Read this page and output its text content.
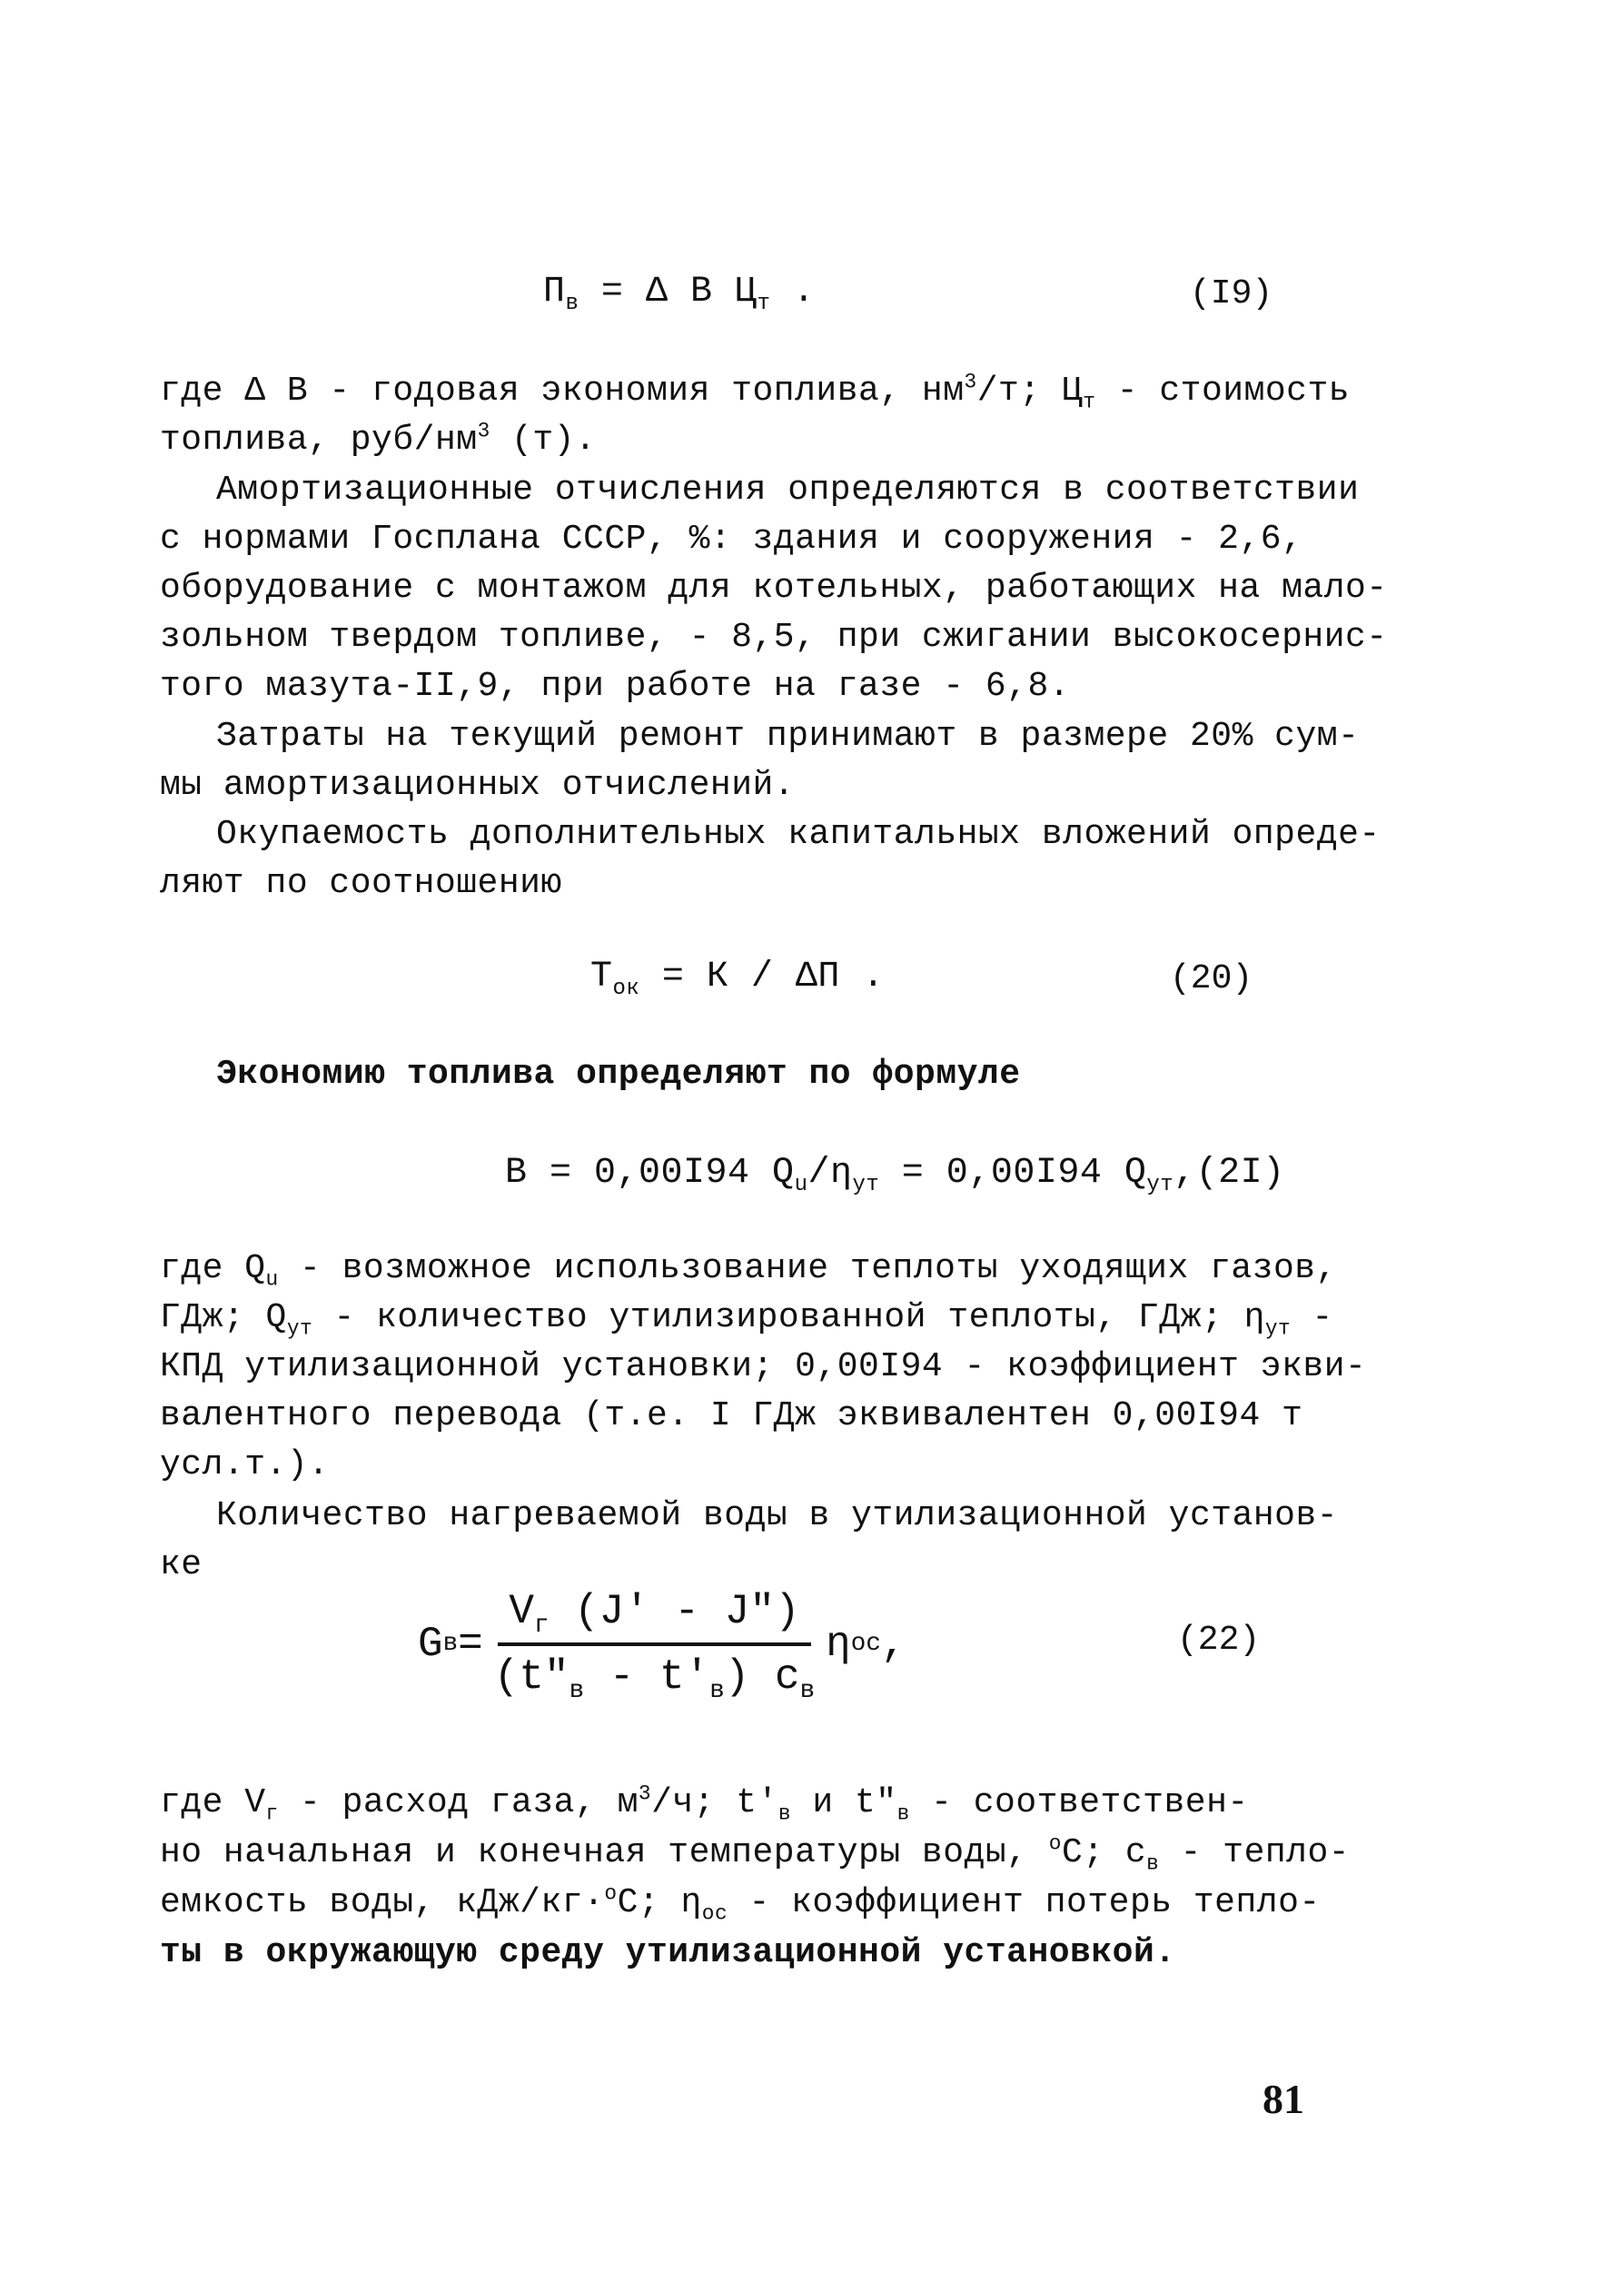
$П_в = \Delta$ В $Ц_т$ .	(I9)
где Δ В - годовая экономия топлива, $нм^3/т$; $Ц_т$ - стоимость
топлива, руб/$нм^3$ (т).
Амортизационные отчисления определяются в соответствии
с нормами Госплана СССР, %: здания и сооружения - 2,6,
оборудование с монтажом для котельных, работающих на мало-
зольном твердом топливе, - 8,5, при сжигании высокосернис-
того мазута-II,9, при работе на газе - 6,8.
Затраты на текущий ремонт принимают в размере 20% сум-
мы амортизационных отчислений.
Окупаемость дополнительных капитальных вложений опреде-
ляют по соотношению
$Т_{ок} = К / \Delta П$ .	(20)
Экономию топлива определяют по формуле
В = 0,00I94 $Q_u/\eta_{ут} = 0,00I94$ $Q_{ут},(2I)$
где $Q_u$ - возможное использование теплоты уходящих газов,
ГДж; $Q_{ут}$ - количество утилизированной теплоты, ГДж; $\eta_{ут}$ -
КПД утилизационной установки; 0,00I94 - коэффициент экви-
валентного перевода (т.е. I ГДж эквивалентен 0,00I94 т
усл.т.).
Количество нагреваемой воды в утилизационной установ-
ке
G $в = \frac{V_г (J' - J")}{(t"_в - t'_в) c_в}$ η ос ,	(22)
где $V_г$ - расход газа, $м^3/ч$; $t'_в$ и $t"_в$ - соответствен-
но начальная и конечная температуры воды, $^о$С; $с_в$ - тепло-
емкость воды, кДж/кг·$^о$С; $\eta_{ос}$ - коэффициент потерь тепло-
ты в окружающую среду утилизационной установкой.
81
